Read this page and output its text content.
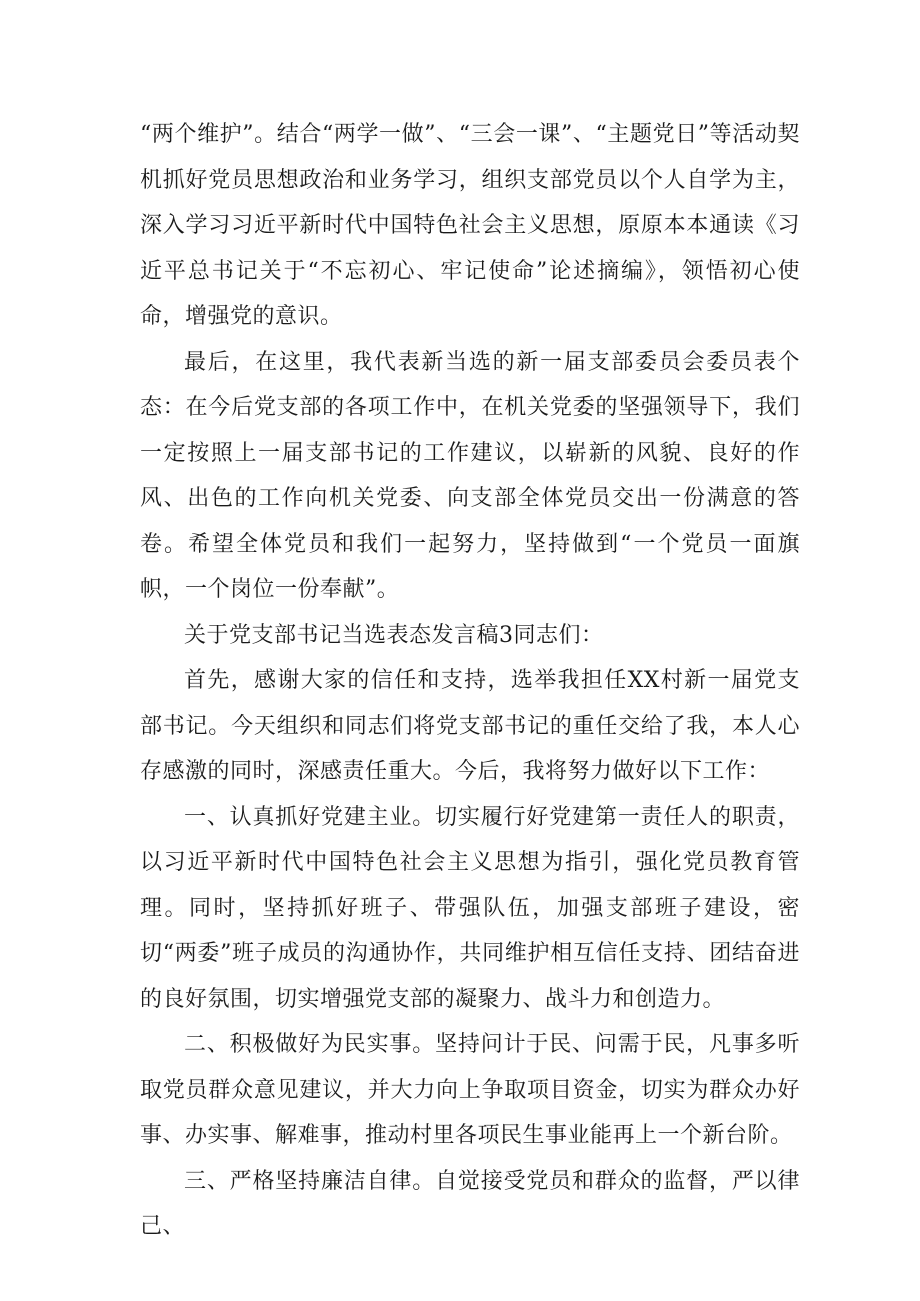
“两个维护”。结合“两学一做”、“三会一课”、“主题党日”等活动契机抓好党员思想政治和业务学习，组织支部党员以个人自学为主，深入学习习近平新时代中国特色社会主义思想，原原本本通读《习近平总书记关于“不忘初心、牢记使命”论述摘编》，领悟初心使命，增强党的意识。

最后，在这里，我代表新当选的新一届支部委员会委员表个态：在今后党支部的各项工作中，在机关党委的坚强领导下，我们一定按照上一届支部书记的工作建议，以崭新的风貌、良好的作风、出色的工作向机关党委、向支部全体党员交出一份满意的答卷。希望全体党员和我们一起努力，坚持做到“一个党员一面旗帜，一个岗位一份奉献”。

关于党支部书记当选表态发言稿3同志们：

首先，感谢大家的信任和支持，选举我担任XX村新一届党支部书记。今天组织和同志们将党支部书记的重任交给了我，本人心存感激的同时，深感责任重大。今后，我将努力做好以下工作：

一、认真抓好党建主业。切实履行好党建第一责任人的职责，以习近平新时代中国特色社会主义思想为指引，强化党员教育管理。同时，坚持抓好班子、带强队伍，加强支部班子建设，密切“两委”班子成员的沟通协作，共同维护相互信任支持、团结奋进的良好氛围，切实增强党支部的凝聚力、战斗力和创造力。

二、积极做好为民实事。坚持问计于民、问需于民，凡事多听取党员群众意见建议，并大力向上争取项目资金，切实为群众办好事、办实事、解难事，推动村里各项民生事业能再上一个新台阶。

三、严格坚持廉洁自律。自觉接受党员和群众的监督，严以律己、
